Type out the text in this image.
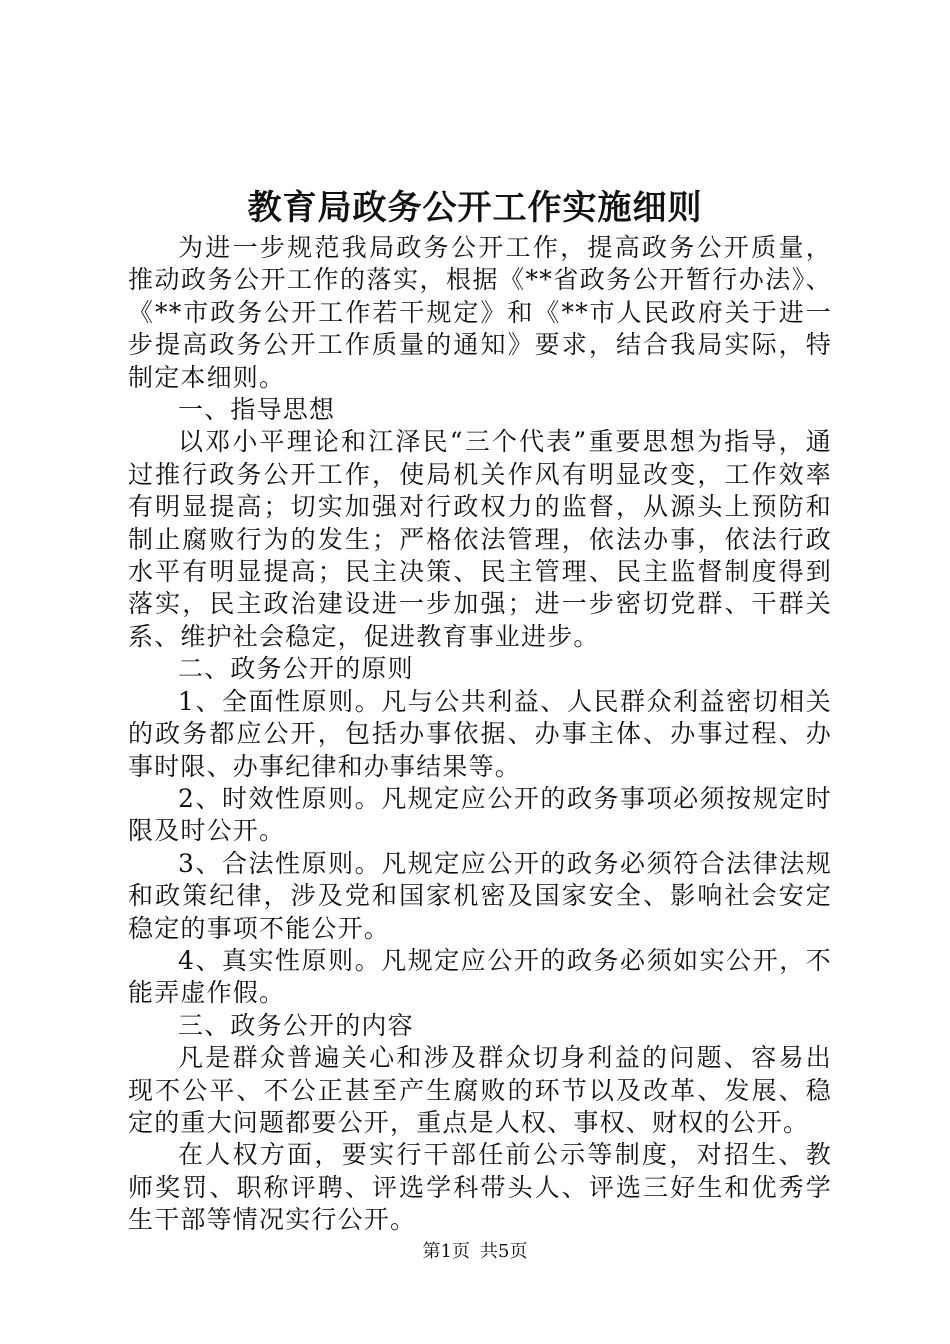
教育局政务公开工作实施细则

为进一步规范我局政务公开工作，提高政务公开质量，推动政务公开工作的落实，根据《**省政务公开暂行办法》、《**市政务公开工作若干规定》和《**市人民政府关于进一步提高政务公开工作质量的通知》要求，结合我局实际，特制定本细则。

一、指导思想

以邓小平理论和江泽民“三个代表”重要思想为指导，通过推行政务公开工作，使局机关作风有明显改变，工作效率有明显提高；切实加强对行政权力的监督，从源头上预防和制止腐败行为的发生；严格依法管理，依法办事，依法行政水平有明显提高；民主决策、民主管理、民主监督制度得到落实，民主政治建设进一步加强；进一步密切党群、干群关系、维护社会稳定，促进教育事业进步。

二、政务公开的原则

1、全面性原则。凡与公共利益、人民群众利益密切相关的政务都应公开，包括办事依据、办事主体、办事过程、办事时限、办事纪律和办事结果等。

2、时效性原则。凡规定应公开的政务事项必须按规定时限及时公开。

3、合法性原则。凡规定应公开的政务必须符合法律法规和政策纪律，涉及党和国家机密及国家安全、影响社会安定稳定的事项不能公开。

4、真实性原则。凡规定应公开的政务必须如实公开，不能弄虚作假。

三、政务公开的内容

凡是群众普遍关心和涉及群众切身利益的问题、容易出现不公平、不公正甚至产生腐败的环节以及改革、发展、稳定的重大问题都要公开，重点是人权、事权、财权的公开。

在人权方面，要实行干部任前公示等制度，对招生、教师奖罚、职称评聘、评选学科带头人、评选三好生和优秀学生干部等情况实行公开。

第1页 共5页
